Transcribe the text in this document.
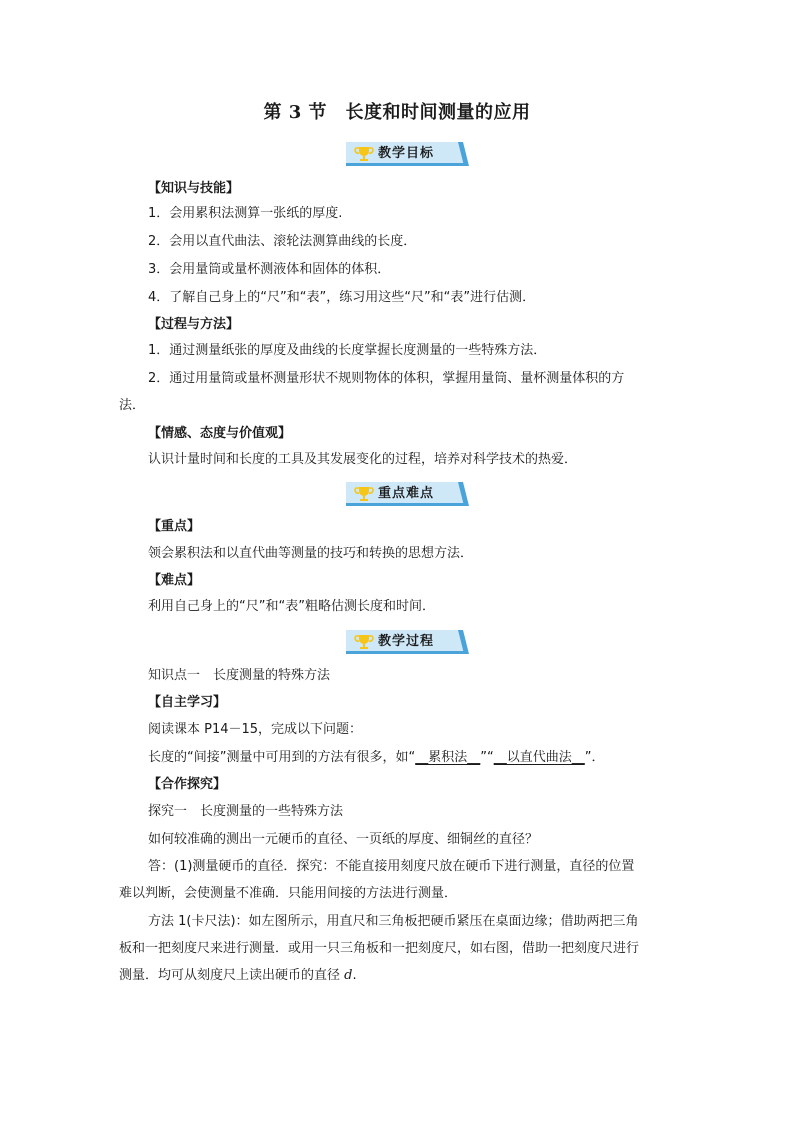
第 3 节　长度和时间测量的应用
教学目标
【知识与技能】
1．会用累积法测算一张纸的厚度.
2．会用以直代曲法、滚轮法测算曲线的长度．
3．会用量筒或量杯测液体和固体的体积．
4．了解自己身上的“尺”和“表”，练习用这些“尺”和“表”进行估测．
【过程与方法】
1．通过测量纸张的厚度及曲线的长度掌握长度测量的一些特殊方法．
2．通过用量筒或量杯测量形状不规则物体的体积，掌握用量筒、量杯测量体积的方
法．
【情感、态度与价值观】
认识计量时间和长度的工具及其发展变化的过程，培养对科学技术的热爱．
重点难点
【重点】
领会累积法和以直代曲等测量的技巧和转换的思想方法．
【难点】
利用自己身上的“尺”和“表”粗略估测长度和时间．
教学过程
知识点一　长度测量的特殊方法
【自主学习】
阅读课本 P14－15，完成以下问题：
长度的“间接”测量中可用到的方法有很多，如“__累积法__”“__以直代曲法__”．
【合作探究】
探究一　长度测量的一些特殊方法
如何较准确的测出一元硬币的直径、一页纸的厚度、细铜丝的直径？
答：(1)测量硬币的直径．探究：不能直接用刻度尺放在硬币下进行测量，直径的位置
难以判断，会使测量不准确．只能用间接的方法进行测量．
方法 1(卡尺法)：如左图所示，用直尺和三角板把硬币紧压在桌面边缘；借助两把三角
板和一把刻度尺来进行测量．或用一只三角板和一把刻度尺，如右图，借助一把刻度尺进行
测量．均可从刻度尺上读出硬币的直径 d.
